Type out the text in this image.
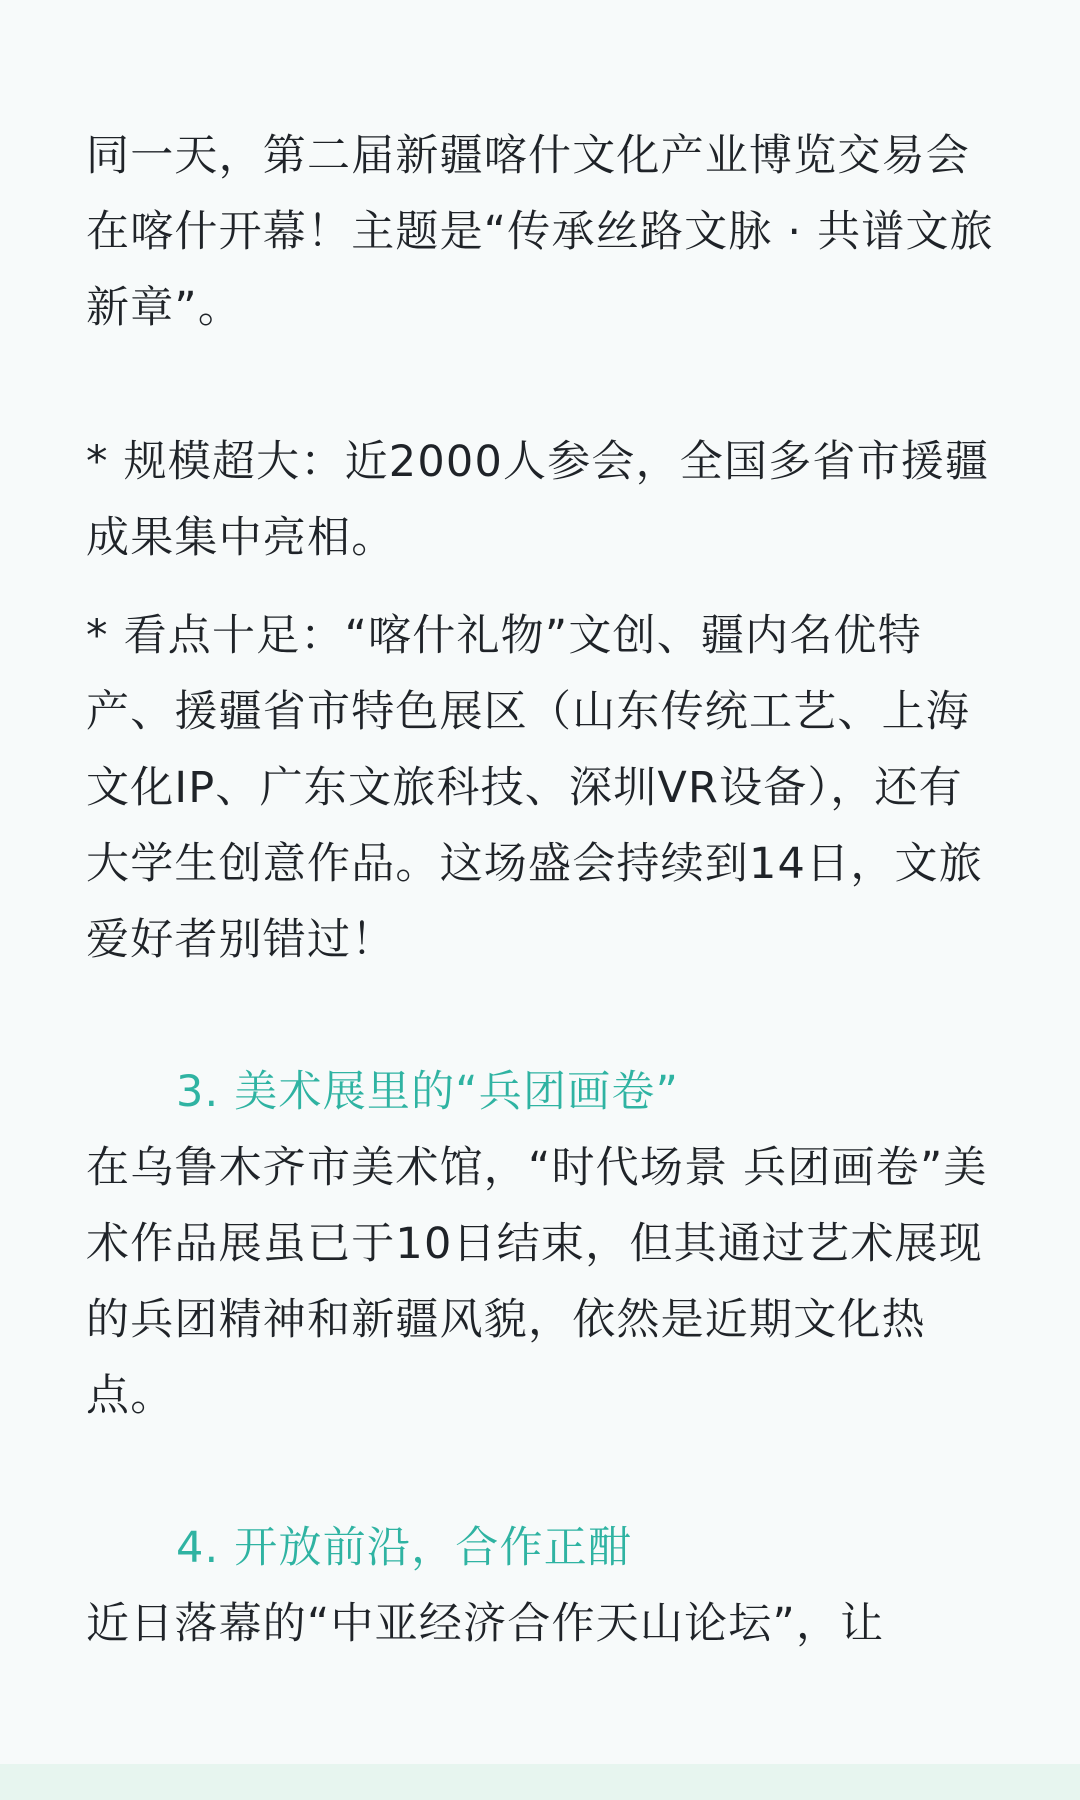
同一天，第二届新疆喀什文化产业博览交易会在喀什开幕！主题是“传承丝路文脉 · 共谱文旅新章”。

* 规模超大：近2000人参会，全国多省市援疆成果集中亮相。

* 看点十足：“喀什礼物”文创、疆内名优特产、援疆省市特色展区（山东传统工艺、上海文化IP、广东文旅科技、深圳VR设备），还有大学生创意作品。这场盛会持续到14日，文旅爱好者别错过！

3. 美术展里的“兵团画卷”

在乌鲁木齐市美术馆，“时代场景 兵团画卷”美术作品展虽已于10日结束，但其通过艺术展现的兵团精神和新疆风貌，依然是近期文化热点。

4. 开放前沿，合作正酣

近日落幕的“中亚经济合作天山论坛”，让
